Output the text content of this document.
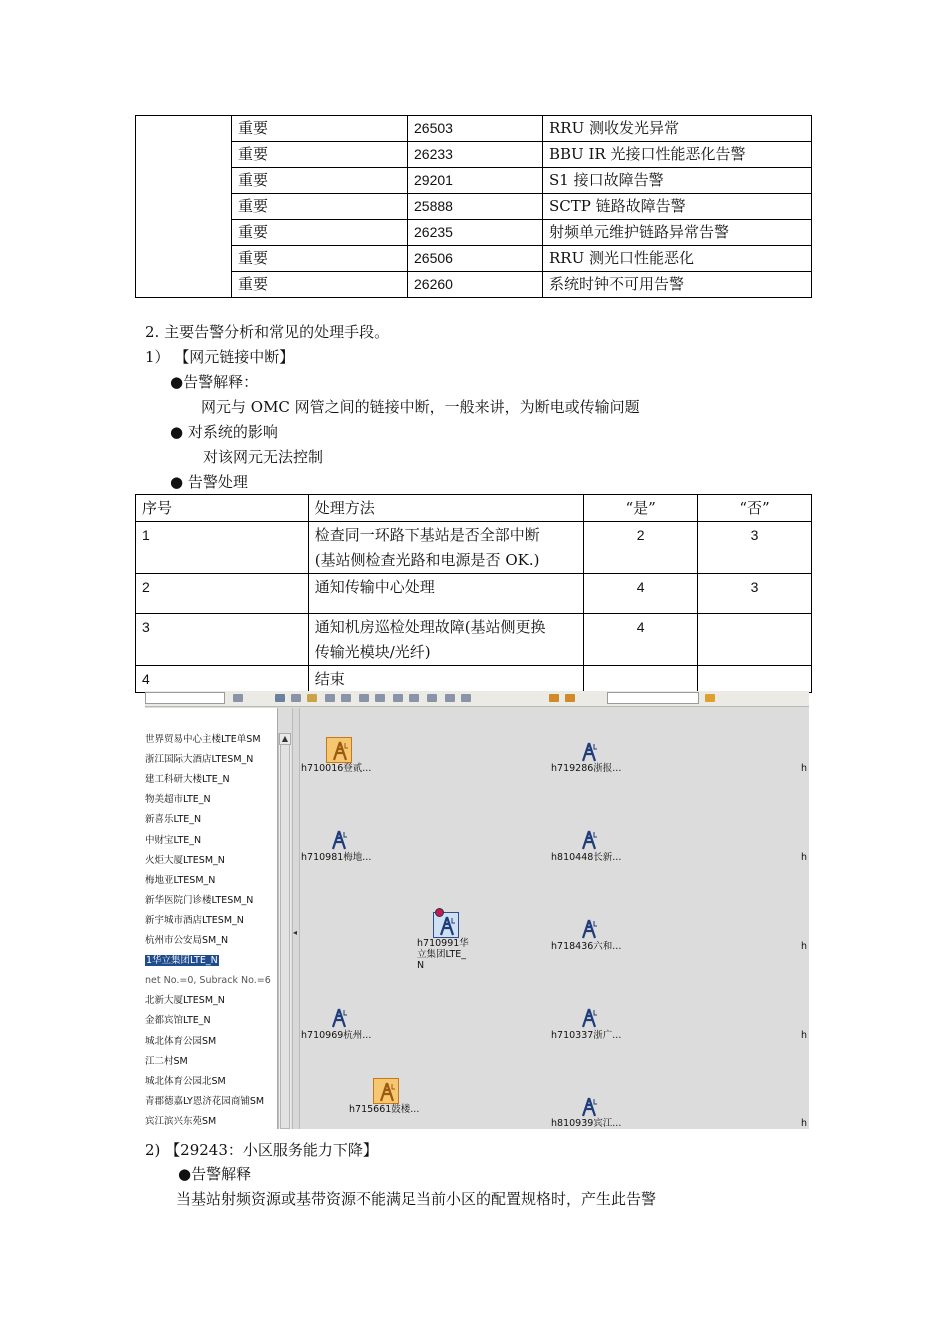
	重要	26503	RRU 测收发光异常
	重要	26233	BBU IR 光接口性能恶化告警
	重要	29201	S1 接口故障告警
	重要	25888	SCTP 链路故障告警
	重要	26235	射频单元维护链路异常告警
	重要	26506	RRU 测光口性能恶化
	重要	26260	系统时钟不可用告警
2. 主要告警分析和常见的处理手段。
1） 【网元链接中断】
●告警解释：
网元与 OMC 网管之间的链接中断，一般来讲，为断电或传输问题
● 对系统的影响
对该网元无法控制
● 告警处理
序号	处理方法	“是”	“否”
1	检查同一环路下基站是否全部中断
(基站侧检查光路和电源是否 OK.)	2	3
2	通知传输中心处理	4	3
3	通知机房巡检处理故障(基站侧更换
传输光模块/光纤)	4	
4	结束		
世界贸易中心主楼LTE单SM
浙江国际大酒店LTESM_N
建工科研大楼LTE_N
物美超市LTE_N
新喜乐LTE_N
中财宝LTE_N
火炬大厦LTESM_N
梅地亚LTESM_N
新华医院门诊楼LTESM_N
新宇城市酒店LTESM_N
杭州市公安局SM_N
1华立集团LTE_N
net No.=0, Subrack No.=6
北新大厦LTESM_N
金都宾馆LTE_N
城北体育公园SM
江二村SM
城北体育公园北SM
青郡德嘉LY恩济花园商铺SM
宾江滨兴东苑SM
▲
◂
h710016登贰...	h719286浙报...
h710981梅地...	h810448长新...
h710991华
立集团LTE_
N
h718436六和...
h710969杭州...	h710337浙广...
h715661鼓楼...
h810939宾江...
h
h
h
h
h
2) 【29243：小区服务能力下降】
●告警解释
当基站射频资源或基带资源不能满足当前小区的配置规格时，产生此告警
